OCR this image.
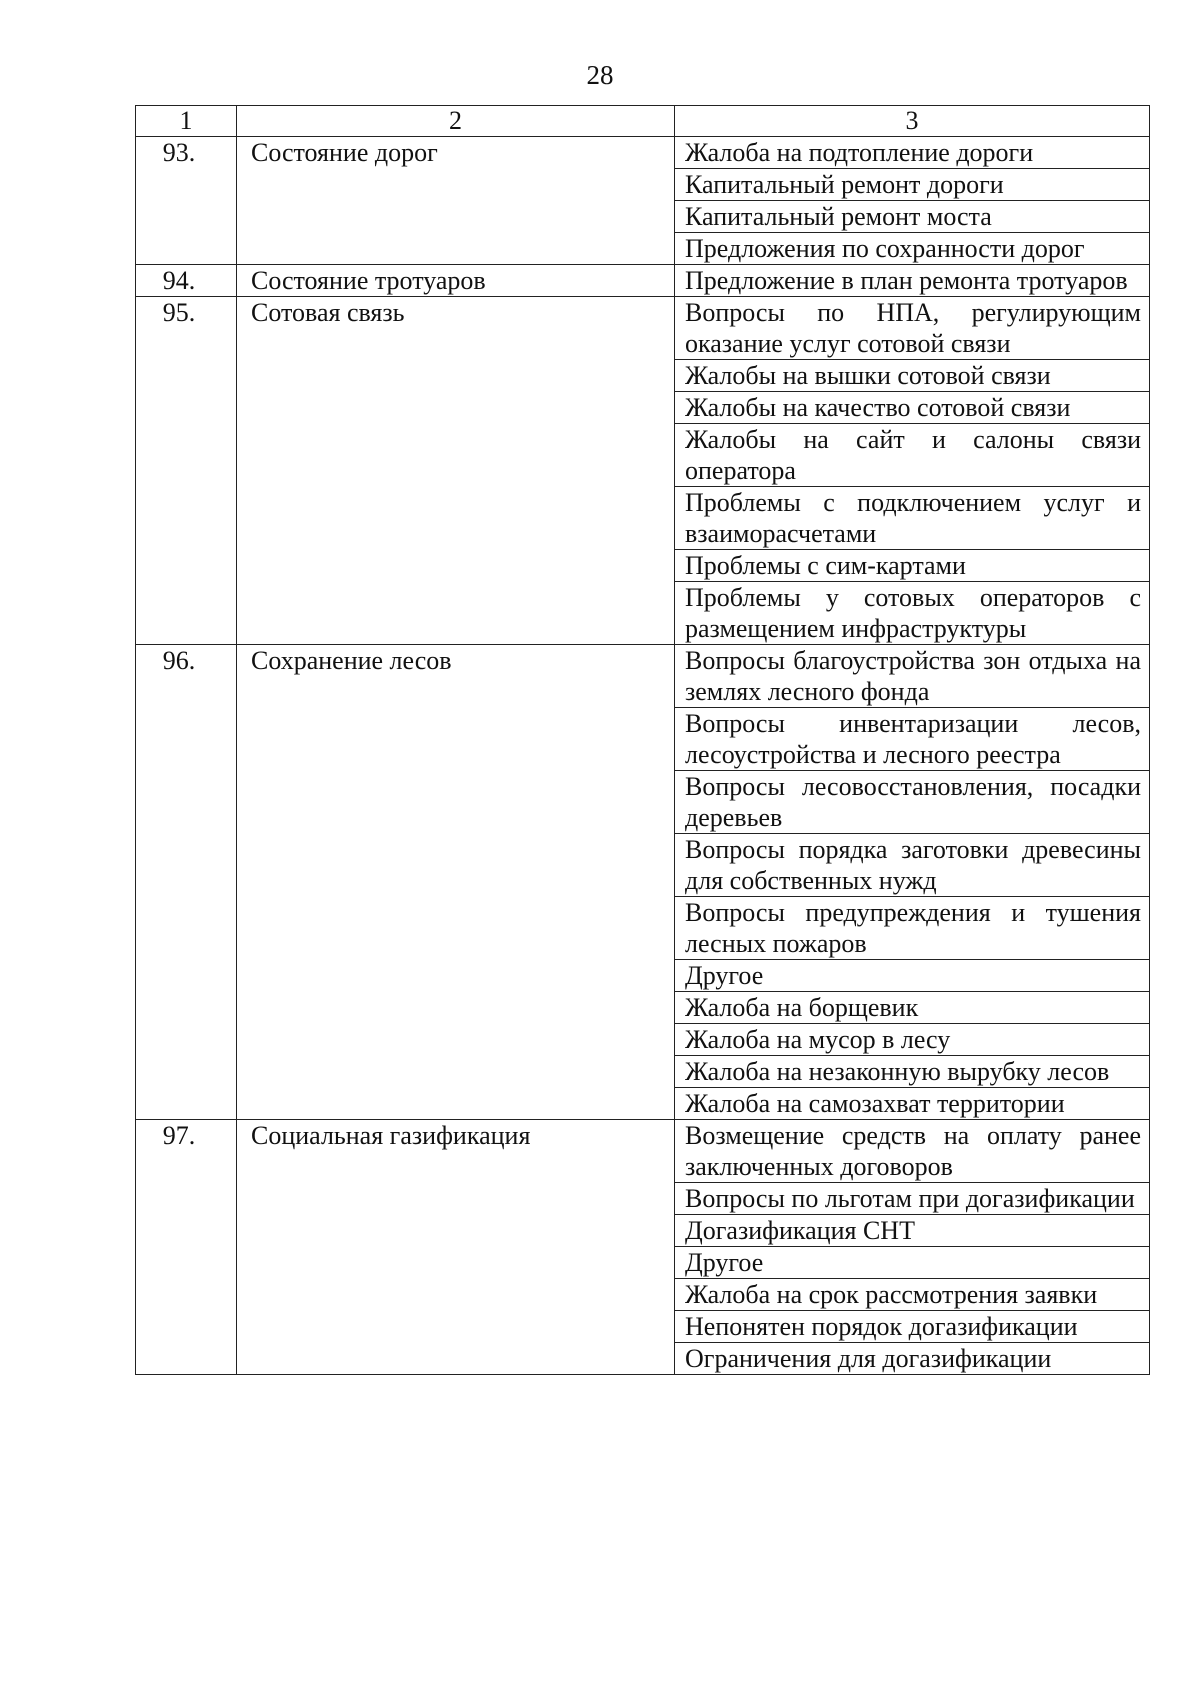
28
1	2	3
93.	Состояние дорог	Жалоба на подтопление дороги
		Капитальный ремонт дороги
		Капитальный ремонт моста
		Предложения по сохранности дорог
94.	Состояние тротуаров	Предложение в план ремонта тротуаров
95.	Сотовая связь	Вопросы по НПА, регулирующим оказание услуг сотовой связи
		Жалобы на вышки сотовой связи
		Жалобы на качество сотовой связи
		Жалобы на сайт и салоны связи оператора
		Проблемы с подключением услуг и взаиморасчетами
		Проблемы с сим-картами
		Проблемы у сотовых операторов с размещением инфраструктуры
96.	Сохранение лесов	Вопросы благоустройства зон отдыха на землях лесного фонда
		Вопросы инвентаризации лесов, лесоустройства и лесного реестра
		Вопросы лесовосстановления, посадки деревьев
		Вопросы порядка заготовки древесины для собственных нужд
		Вопросы предупреждения и тушения лесных пожаров
		Другое
		Жалоба на борщевик
		Жалоба на мусор в лесу
		Жалоба на незаконную вырубку лесов
		Жалоба на самозахват территории
97.	Социальная газификация	Возмещение средств на оплату ранее заключенных договоров
		Вопросы по льготам при догазификации
		Догазификация СНТ
		Другое
		Жалоба на срок рассмотрения заявки
		Непонятен порядок догазификации
		Ограничения для догазификации
